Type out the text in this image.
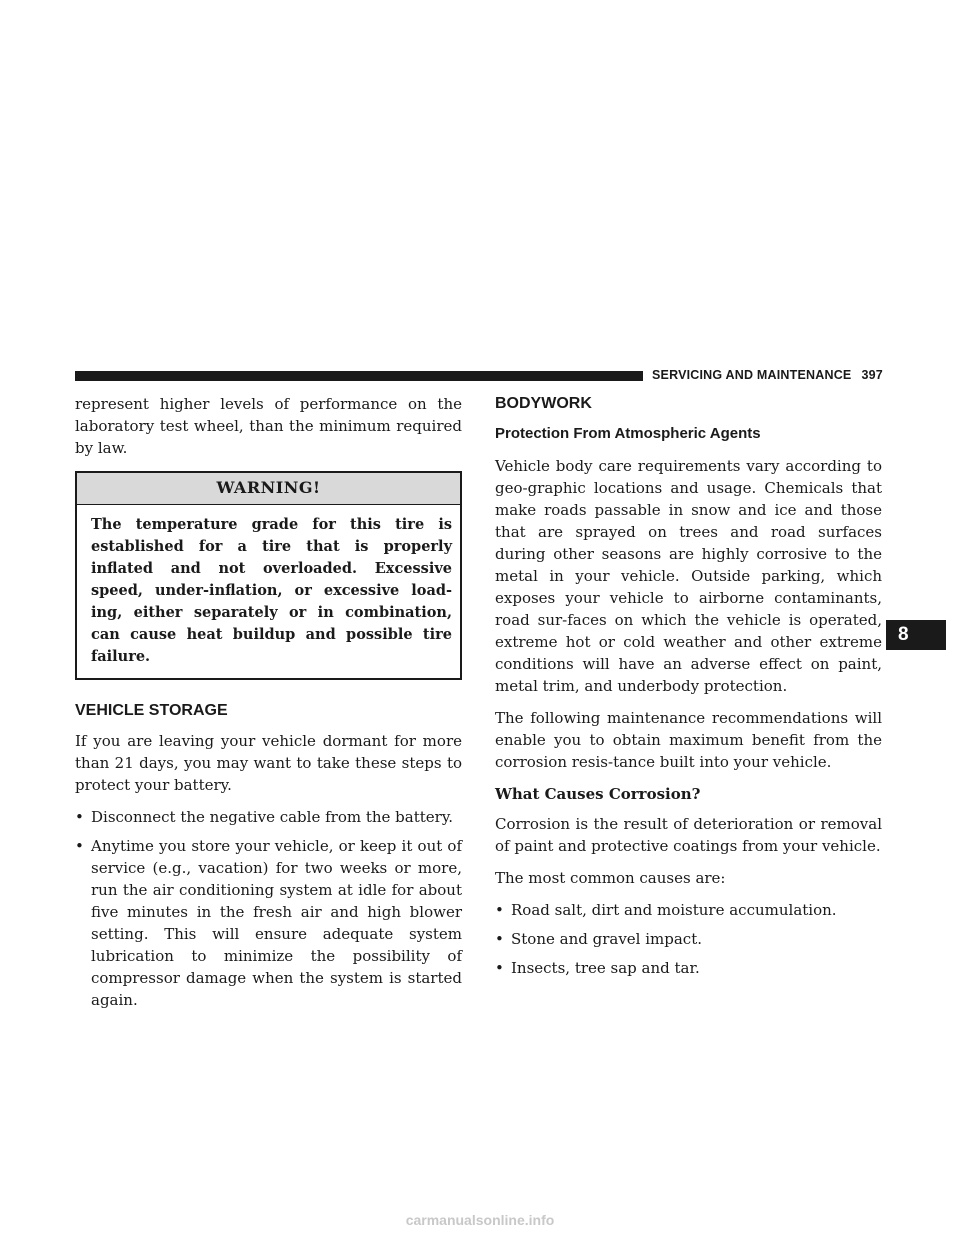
SERVICING AND MAINTENANCE 397

represent higher levels of performance on the laboratory test wheel, than the minimum required by law.

WARNING!
The temperature grade for this tire is established for a tire that is properly inflated and not overloaded. Excessive speed, under-inflation, or excessive load-ing, either separately or in combination, can cause heat buildup and possible tire failure.
VEHICLE STORAGE

If you are leaving your vehicle dormant for more than 21 days, you may want to take these steps to protect your battery.

• Disconnect the negative cable from the battery.
• Anytime you store your vehicle, or keep it out of service (e.g., vacation) for two weeks or more, run the air conditioning system at idle for about five minutes in the fresh air and high blower setting. This will ensure adequate system lubrication to minimize the possibility of compressor damage when the system is started again.
BODYWORK
Protection From Atmospheric Agents

Vehicle body care requirements vary according to geo-graphic locations and usage. Chemicals that make roads passable in snow and ice and those that are sprayed on trees and road surfaces during other seasons are highly corrosive to the metal in your vehicle. Outside parking, which exposes your vehicle to airborne contaminants, road sur-faces on which the vehicle is operated, extreme hot or cold weather and other extreme conditions will have an adverse effect on paint, metal trim, and underbody protection.

The following maintenance recommendations will enable you to obtain maximum benefit from the corrosion resis-tance built into your vehicle.

What Causes Corrosion?

Corrosion is the result of deterioration or removal of paint and protective coatings from your vehicle.

The most common causes are:

• Road salt, dirt and moisture accumulation.
• Stone and gravel impact.
• Insects, tree sap and tar.
8
carmanualsonline.info
